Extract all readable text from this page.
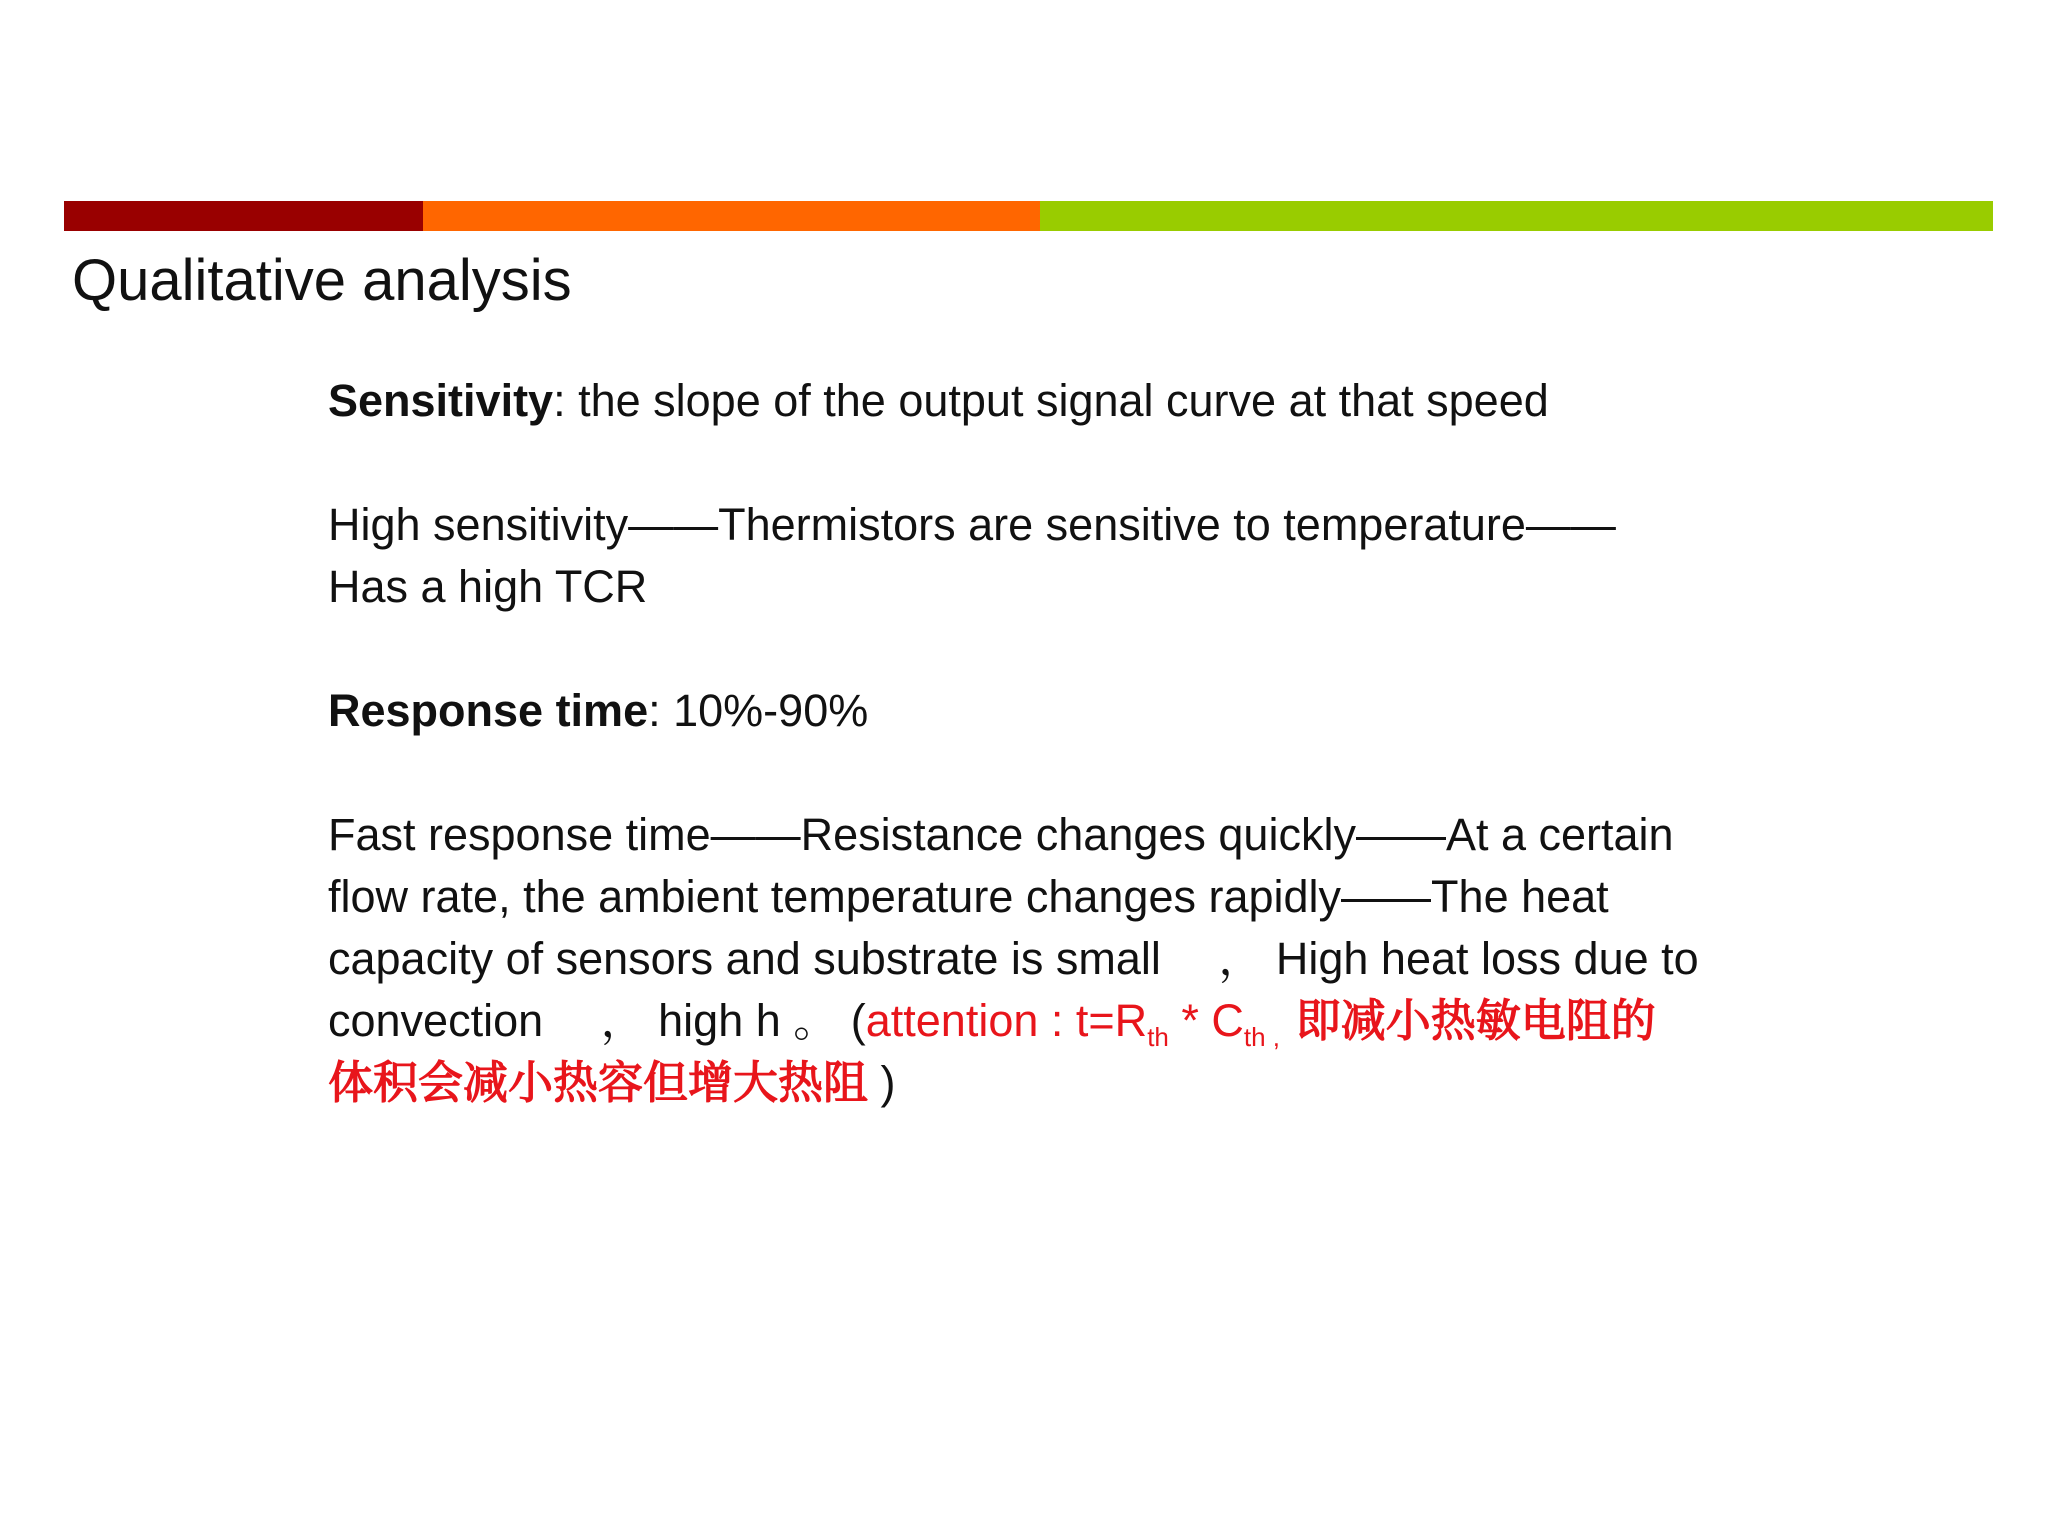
Qualitative analysis

Sensitivity: the slope of the output signal curve at that speed

High sensitivity——Thermistors are sensitive to temperature——

Has a high TCR

Response time: 10%-90%

Fast response time——Resistance changes quickly——At a certain

flow rate, the ambient temperature changes rapidly——The heat

capacity of sensors and substrate is small 　， High heat loss due to

convection 　， high h 。 (attention : $t=R_{th} * C_{th ,}$ 即减小热敏电阻的

体积会减小热容但增大热阻 )
